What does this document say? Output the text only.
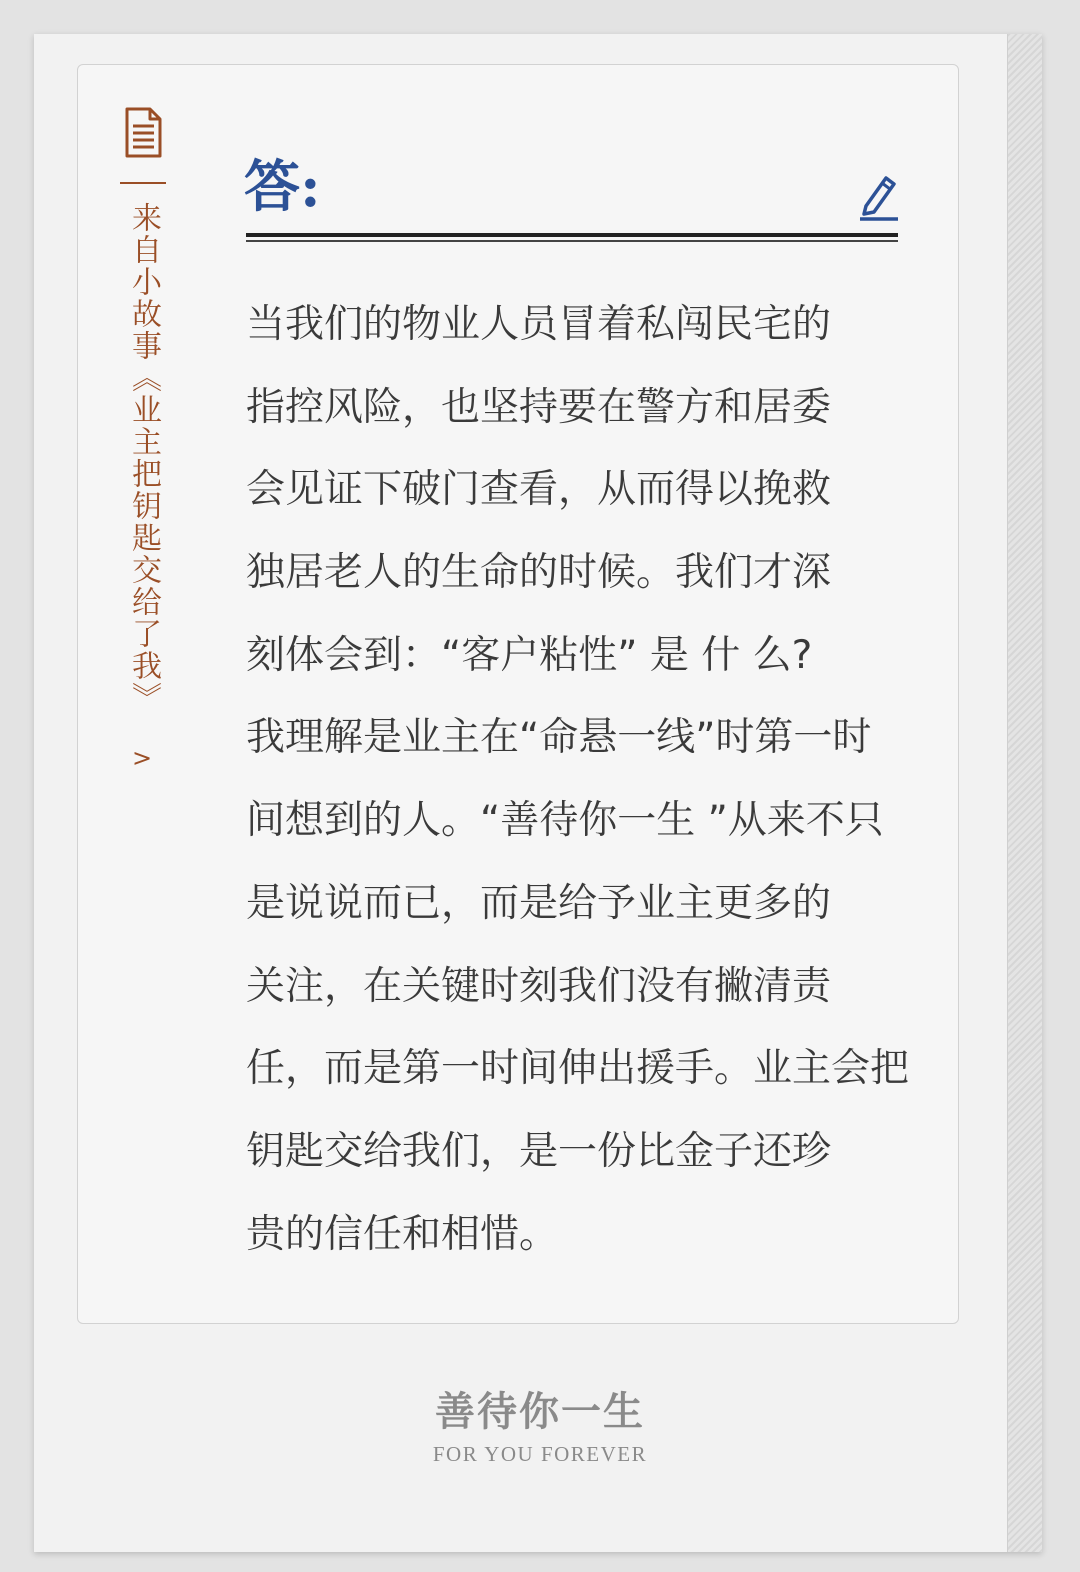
来自小故事《业主把钥匙交给了我》
>
答:
当我们的物业人员冒着私闯民宅的
指控风险，也坚持要在警方和居委
会见证下破门查看，从而得以挽救
独居老人的生命的时候。我们才深
刻体会到：“客户粘性” 是 什 么?
我理解是业主在“命悬一线”时第一时
间想到的人。“善待你一生 ”从来不只
是说说而已，而是给予业主更多的
关注，在关键时刻我们没有撇清责
任，而是第一时间伸出援手。业主会把
钥匙交给我们，是一份比金子还珍
贵的信任和相惜。
善待你一生
FOR YOU FOREVER
